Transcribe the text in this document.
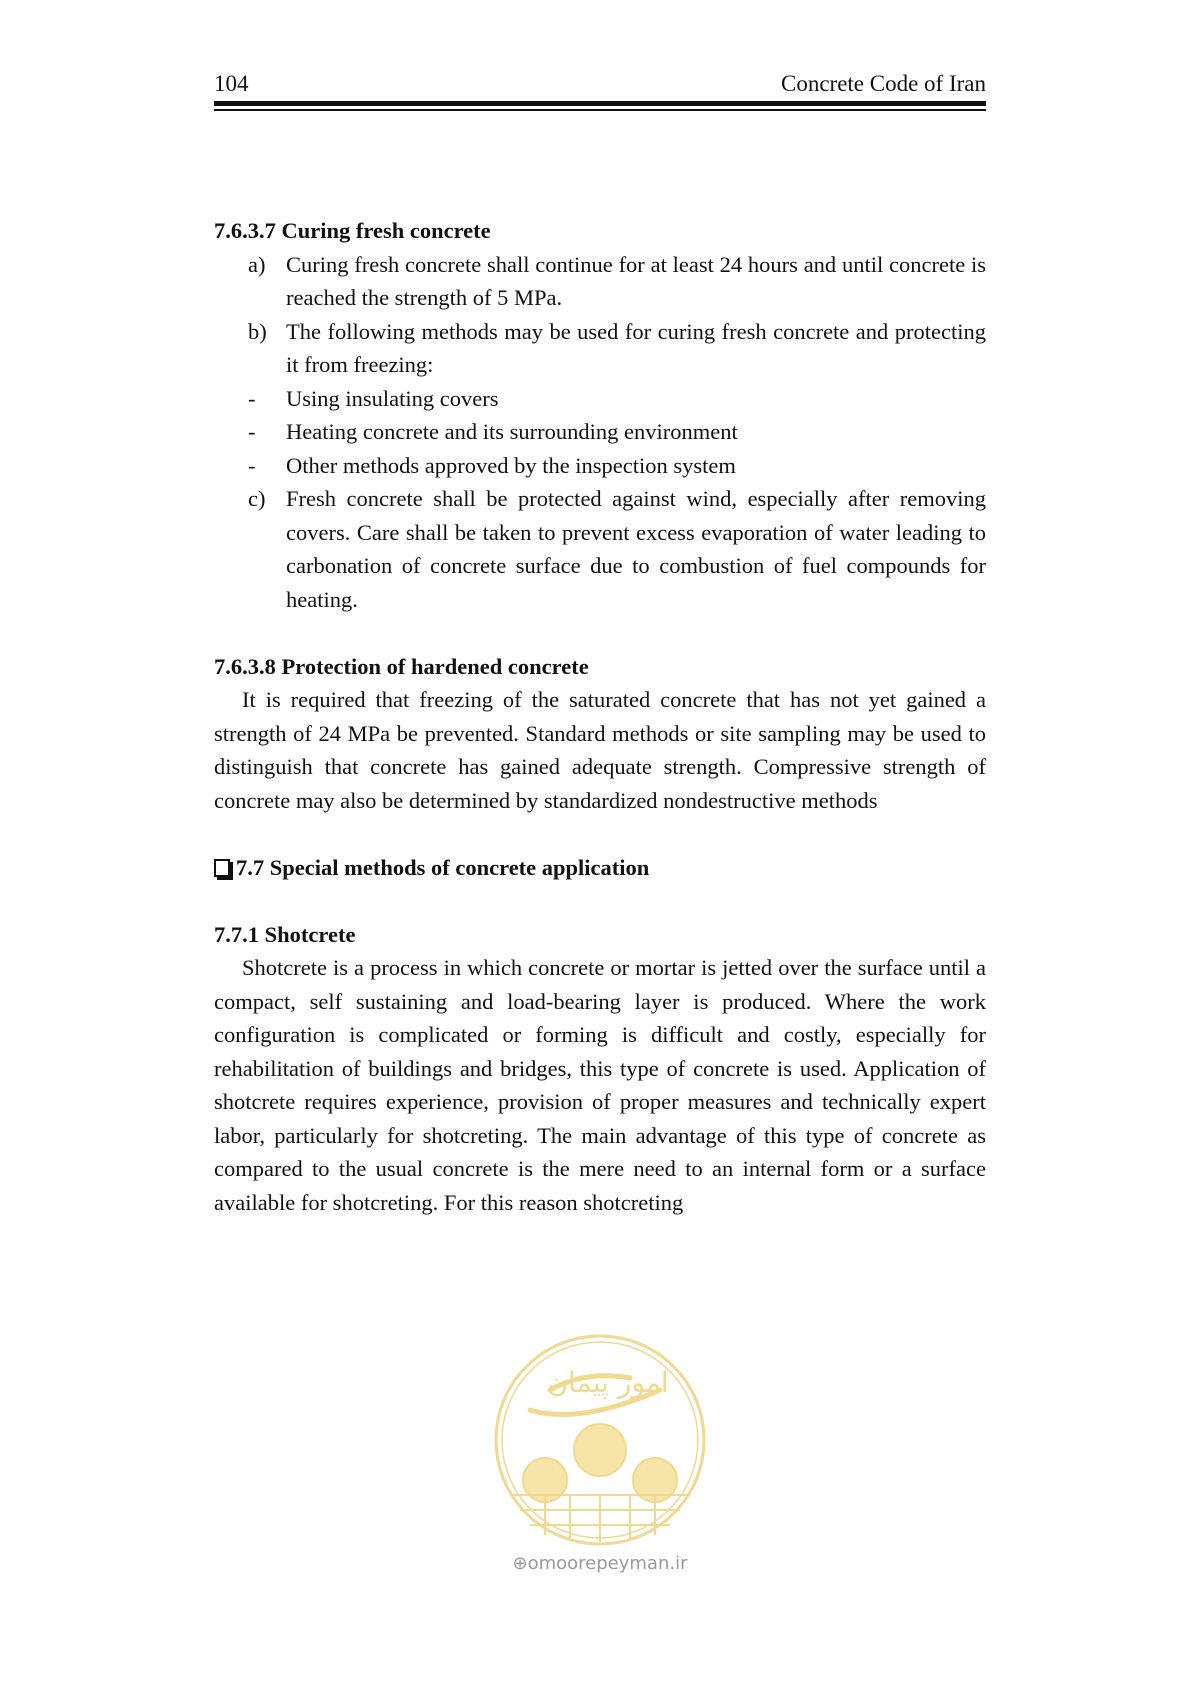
104	Concrete Code of Iran

7.6.3.7 Curing fresh concrete

a) Curing fresh concrete shall continue for at least 24 hours and until concrete is reached the strength of 5 MPa.
b) The following methods may be used for curing fresh concrete and protecting it from freezing:
-	Using insulating covers
-	Heating concrete and its surrounding environment
-	Other methods approved by the inspection system
c) Fresh concrete shall be protected against wind, especially after removing covers. Care shall be taken to prevent excess evaporation of water leading to carbonation of concrete surface due to combustion of fuel compounds for heating.

7.6.3.8 Protection of hardened concrete

It is required that freezing of the saturated concrete that has not yet gained a strength of 24 MPa be prevented. Standard methods or site sampling may be used to distinguish that concrete has gained adequate strength. Compressive strength of concrete may also be determined by standardized nondestructive methods

7.7 Special methods of concrete application

7.7.1 Shotcrete

Shotcrete is a process in which concrete or mortar is jetted over the surface until a compact, self sustaining and load-bearing layer is produced. Where the work configuration is complicated or forming is difficult and costly, especially for rehabilitation of buildings and bridges, this type of concrete is used. Application of shotcrete requires experience, provision of proper measures and technically expert labor, particularly for shotcreting. The main advantage of this type of concrete as compared to the usual concrete is the mere need to an internal form or a surface available for shotcreting. For this reason shotcreting

امور پیمان
⊕omoorepeyman.ir
